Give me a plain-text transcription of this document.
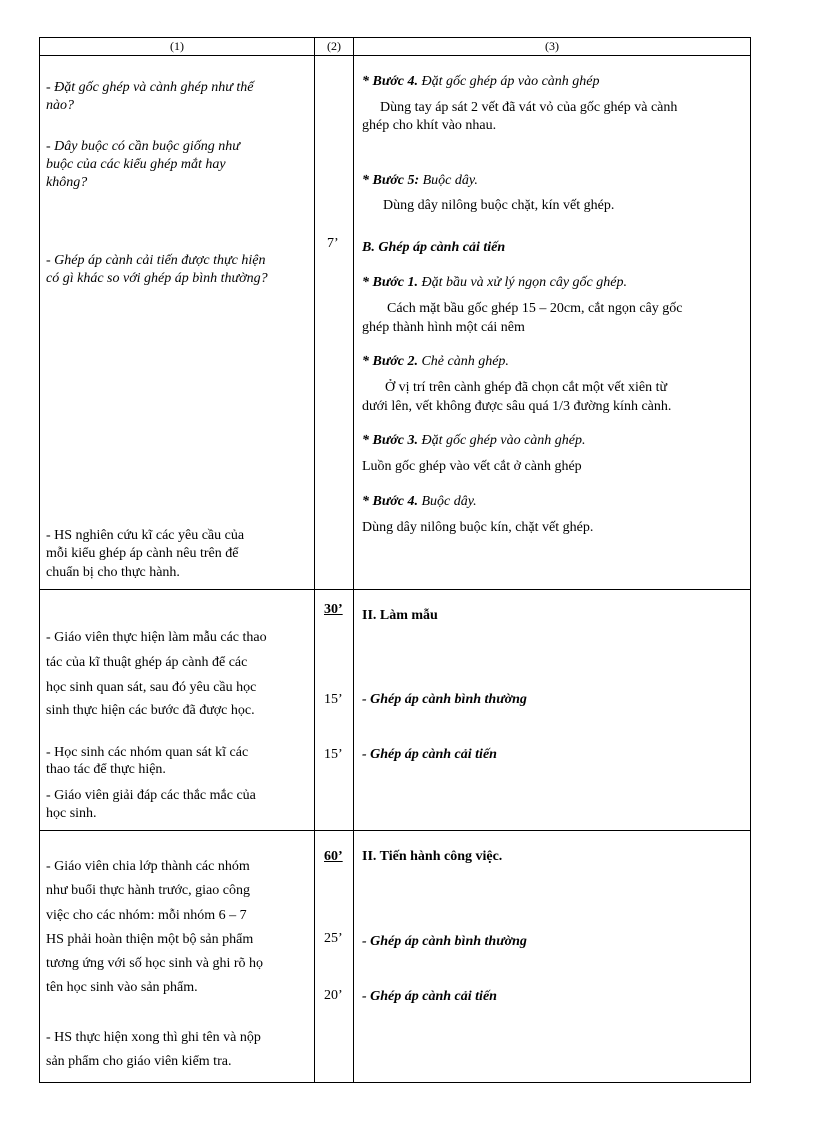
(1)	(2)	(3)
- Đặt gốc ghép và cành ghép như thế
nào?
- Dây buộc có cần buộc giống như
buộc của các kiểu ghép mắt hay
không?
- Ghép áp cành cải tiến được thực hiện
có gì khác so với ghép áp bình thường?
- HS nghiên cứu kĩ các yêu cầu của
mỗi kiểu ghép áp cành nêu trên để
chuẩn bị cho thực hành.
7’
* Bước 4. Đặt gốc ghép áp vào cành ghép
Dùng tay áp sát 2 vết đã vát vỏ của gốc ghép và cành
ghép cho khít vào nhau.
* Bước 5: Buộc dây.
Dùng dây nilông buộc chặt, kín vết ghép.
B. Ghép áp cành cải tiến
* Bước 1. Đặt bầu và xử lý ngọn cây gốc ghép.
Cách mặt bầu gốc ghép 15 – 20cm, cắt ngọn cây gốc
ghép thành hình một cái nêm
* Bước 2. Chẻ cành ghép.
Ở vị trí trên cành ghép đã chọn cắt một vết xiên từ
dưới lên, vết không được sâu quá 1/3 đường kính cành.
* Bước 3. Đặt gốc ghép vào cành ghép.
Luồn gốc ghép vào vết cắt ở cành ghép
* Bước 4. Buộc dây.
Dùng dây nilông buộc kín, chặt vết ghép.
- Giáo viên thực hiện làm mẫu các thao
tác của kĩ thuật ghép áp cành để các
học sinh quan sát, sau đó yêu cầu học
sinh thực hiện các bước đã được học.
- Học sinh các nhóm quan sát kĩ các
thao tác để thực hiện.
- Giáo viên giải đáp các thắc mắc của
học sinh.
30’
15’
15’
II. Làm mẫu
- Ghép áp cành bình thường
- Ghép áp cành cải tiến
- Giáo viên chia lớp thành các nhóm
như buổi thực hành trước, giao công
việc cho các nhóm: mỗi nhóm 6 – 7
HS phải hoàn thiện một bộ sản phẩm
tương ứng với số học sinh và ghi rõ họ
tên học sinh vào sản phẩm.
- HS thực hiện xong thì ghi tên và nộp
sản phẩm cho giáo viên kiểm tra.
60’
25’
20’
II. Tiến hành công việc.
- Ghép áp cành bình thường
- Ghép áp cành cải tiến
